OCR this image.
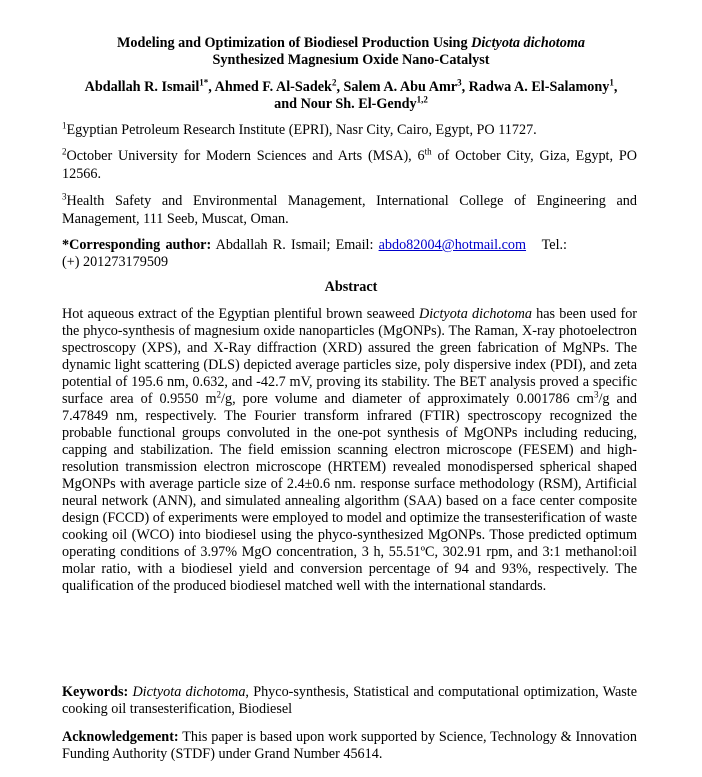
Modeling and Optimization of Biodiesel Production Using Dictyota dichotoma
Synthesized Magnesium Oxide Nano-Catalyst
Abdallah R. Ismail$^{1*}$, Ahmed F. Al-Sadek$^2$, Salem A. Abu Amr$^3$, Radwa A. El-Salamony$^1$,
and Nour Sh. El-Gendy$^{1,2}$
$^1$Egyptian Petroleum Research Institute (EPRI), Nasr City, Cairo, Egypt, PO 11727.
$^2$October University for Modern Sciences and Arts (MSA), 6th of October City, Giza, Egypt, PO 12566.
$^3$Health Safety and Environmental Management, International College of Engineering and Management, 111 Seeb, Muscat, Oman.
*Corresponding author: Abdallah R. Ismail; Email: abdo82004@hotmail.com Tel.: (+) 201273179509
Abstract
Hot aqueous extract of the Egyptian plentiful brown seaweed Dictyota dichotoma has been used for the phyco-synthesis of magnesium oxide nanoparticles (MgONPs). The Raman, X-ray photoelectron spectroscopy (XPS), and X-Ray diffraction (XRD) assured the green fabrication of MgNPs. The dynamic light scattering (DLS) depicted average particles size, poly dispersive index (PDI), and zeta potential of 195.6 nm, 0.632, and -42.7 mV, proving its stability. The BET analysis proved a specific surface area of 0.9550 $m^2/g$, pore volume and diameter of approximately 0.001786 $cm^3/g$ and 7.47849 nm, respectively. The Fourier transform infrared (FTIR) spectroscopy recognized the probable functional groups convoluted in the one-pot synthesis of MgONPs including reducing, capping and stabilization. The field emission scanning electron microscope (FESEM) and high-resolution transmission electron microscope (HRTEM) revealed monodispersed spherical shaped MgONPs with average particle size of 2.4±0.6 nm. response surface methodology (RSM), Artificial neural network (ANN), and simulated annealing algorithm (SAA) based on a face center composite design (FCCD) of experiments were employed to model and optimize the transesterification of waste cooking oil (WCO) into biodiesel using the phyco-synthesized MgONPs. Those predicted optimum operating conditions of 3.97% MgO concentration, 3 h, 55.51ºC, 302.91 rpm, and 3:1 methanol:oil molar ratio, with a biodiesel yield and conversion percentage of 94 and 93%, respectively. The qualification of the produced biodiesel matched well with the international standards.
Keywords: Dictyota dichotoma, Phyco-synthesis, Statistical and computational optimization, Waste cooking oil transesterification, Biodiesel
Acknowledgement: This paper is based upon work supported by Science, Technology & Innovation Funding Authority (STDF) under Grand Number 45614.
